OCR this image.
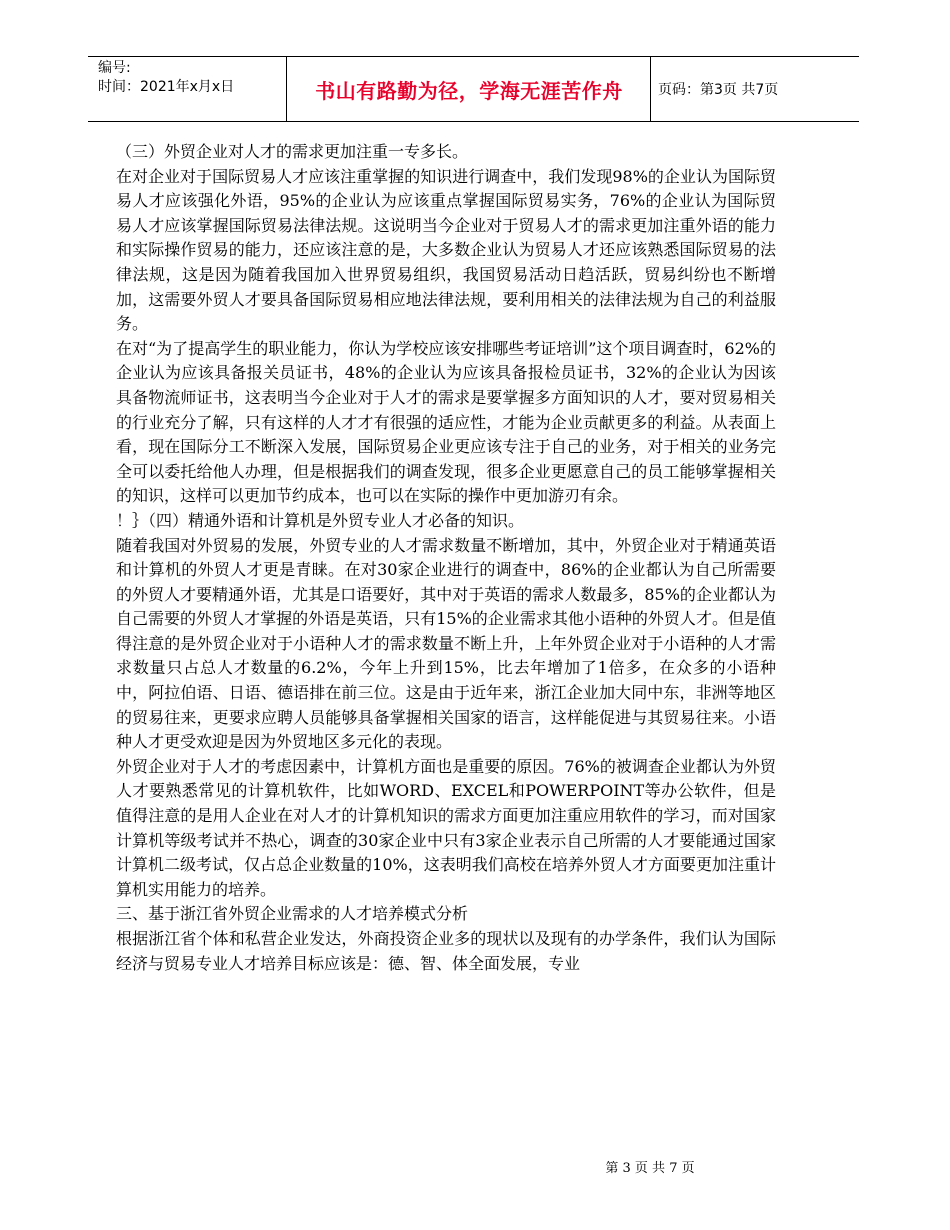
编号:
时间：2021年x月x日	书山有路勤为径，学海无涯苦作舟	页码：第3页 共7页

（三）外贸企业对人才的需求更加注重一专多长。

在对企业对于国际贸易人才应该注重掌握的知识进行调查中，我们发现98%的企业认为国际贸易人才应该强化外语，95%的企业认为应该重点掌握国际贸易实务，76%的企业认为国际贸易人才应该掌握国际贸易法律法规。这说明当今企业对于贸易人才的需求更加注重外语的能力和实际操作贸易的能力，还应该注意的是，大多数企业认为贸易人才还应该熟悉国际贸易的法律法规，这是因为随着我国加入世界贸易组织，我国贸易活动日趋活跃，贸易纠纷也不断增加，这需要外贸人才要具备国际贸易相应地法律法规，要利用相关的法律法规为自己的利益服务。

在对“为了提高学生的职业能力，你认为学校应该安排哪些考证培训”这个项目调查时，62%的企业认为应该具备报关员证书，48%的企业认为应该具备报检员证书，32%的企业认为因该具备物流师证书，这表明当今企业对于人才的需求是要掌握多方面知识的人才，要对贸易相关的行业充分了解，只有这样的人才才有很强的适应性，才能为企业贡献更多的利益。从表面上看，现在国际分工不断深入发展，国际贸易企业更应该专注于自己的业务，对于相关的业务完全可以委托给他人办理，但是根据我们的调查发现，很多企业更愿意自己的员工能够掌握相关的知识，这样可以更加节约成本，也可以在实际的操作中更加游刃有余。

！｝（四）精通外语和计算机是外贸专业人才必备的知识。

随着我国对外贸易的发展，外贸专业的人才需求数量不断增加，其中，外贸企业对于精通英语和计算机的外贸人才更是青睐。在对30家企业进行的调查中，86%的企业都认为自己所需要的外贸人才要精通外语，尤其是口语要好，其中对于英语的需求人数最多，85%的企业都认为自己需要的外贸人才掌握的外语是英语，只有15%的企业需求其他小语种的外贸人才。但是值得注意的是外贸企业对于小语种人才的需求数量不断上升，上年外贸企业对于小语种的人才需求数量只占总人才数量的6.2%，今年上升到15%，比去年增加了1倍多，在众多的小语种中，阿拉伯语、日语、德语排在前三位。这是由于近年来，浙江企业加大同中东，非洲等地区的贸易往来，更要求应聘人员能够具备掌握相关国家的语言，这样能促进与其贸易往来。小语种人才更受欢迎是因为外贸地区多元化的表现。

外贸企业对于人才的考虑因素中，计算机方面也是重要的原因。76%的被调查企业都认为外贸人才要熟悉常见的计算机软件，比如WORD、EXCEL和POWERPOINT等办公软件，但是值得注意的是用人企业在对人才的计算机知识的需求方面更加注重应用软件的学习，而对国家计算机等级考试并不热心，调查的30家企业中只有3家企业表示自己所需的人才要能通过国家计算机二级考试，仅占总企业数量的10%，这表明我们高校在培养外贸人才方面要更加注重计算机实用能力的培养。

三、基于浙江省外贸企业需求的人才培养模式分析

根据浙江省个体和私营企业发达，外商投资企业多的现状以及现有的办学条件，我们认为国际经济与贸易专业人才培养目标应该是：德、智、体全面发展，专业

第 3 页 共 7 页
